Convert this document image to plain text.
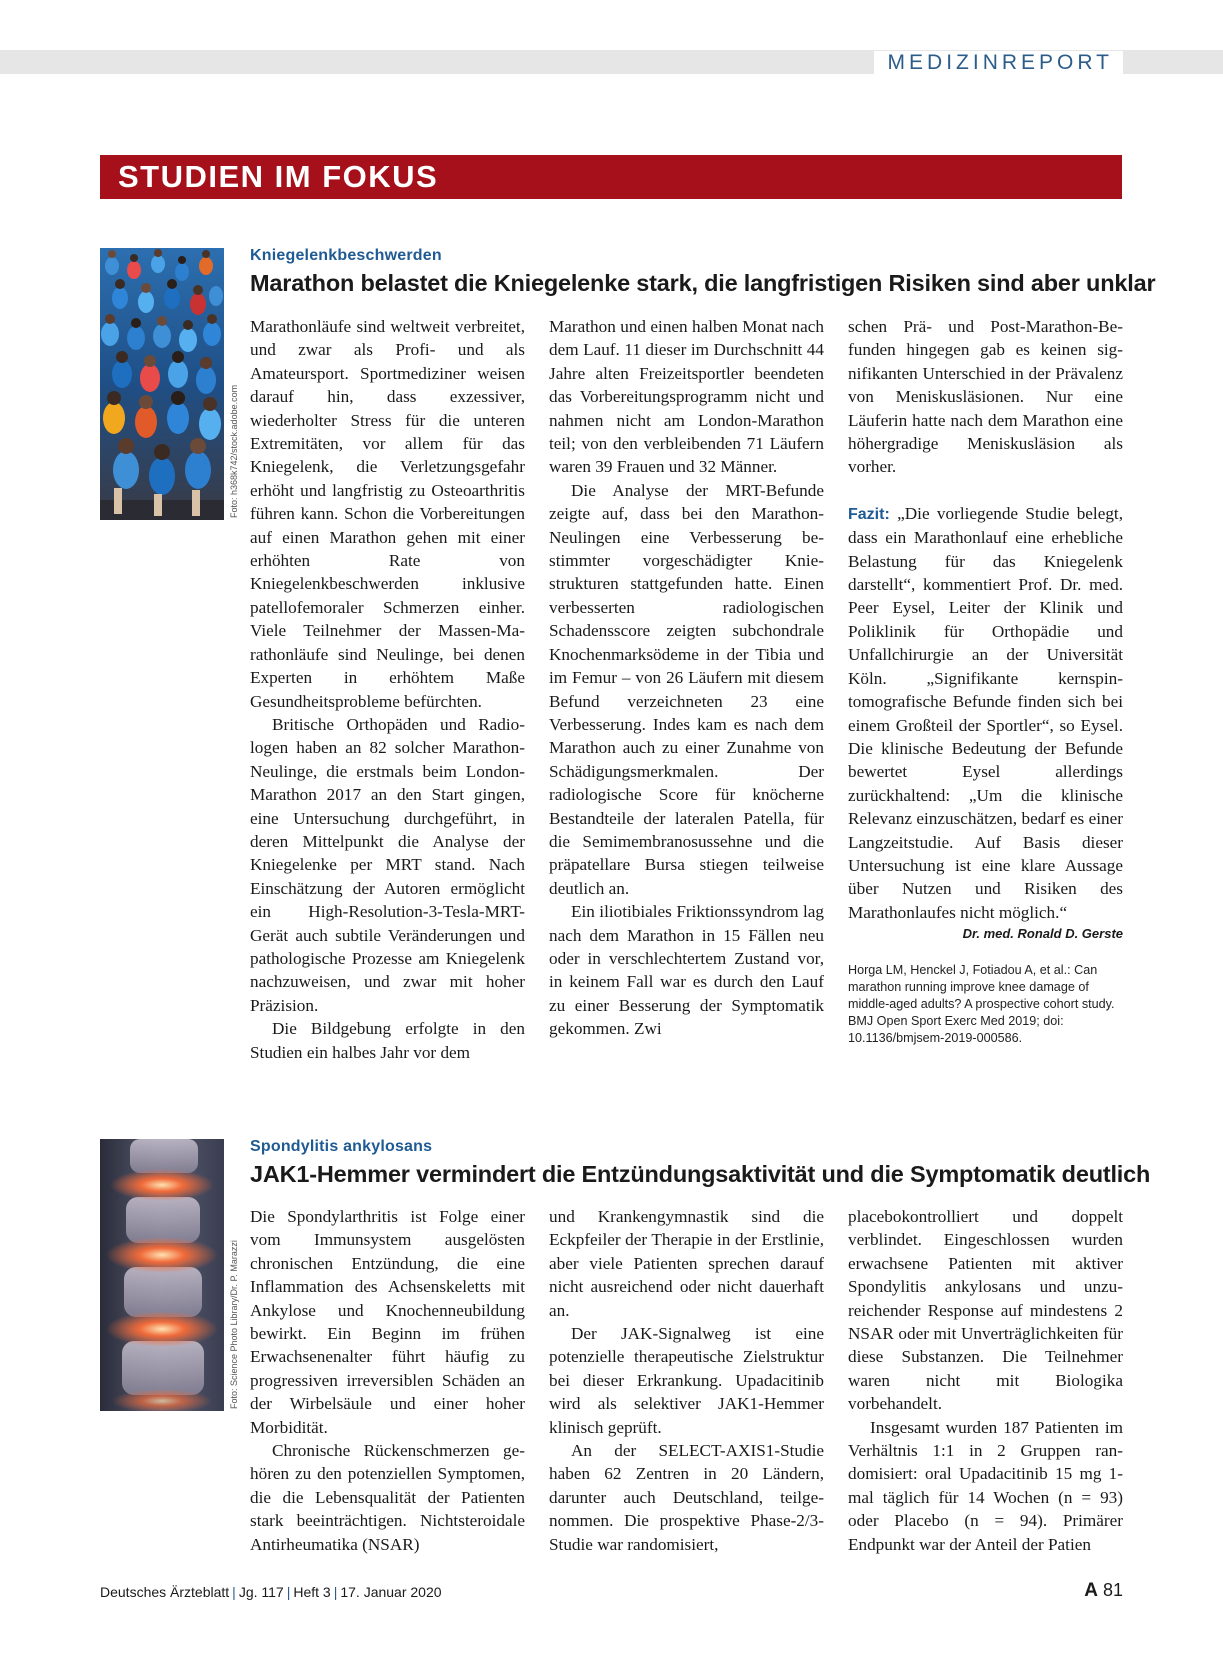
MEDIZINREPORT
STUDIEN IM FOKUS
Foto: h368k742/stock.adobe.com
Kniegelenkbeschwerden
Marathon belastet die Kniegelenke stark, die langfristigen Risiken sind aber unklar

Marathonläufe sind weltweit verbreitet, und zwar als Profi- und als Amateursport. Sportmediziner weisen darauf hin, dass exzessiver, wiederholter Stress für die unteren Extremitäten, vor allem für das Kniegelenk, die Verletzungsgefahr erhöht und langfristig zu Osteoarthritis führen kann. Schon die Vorbereitungen auf einen Marathon gehen mit einer erhöhten Rate von Kniegelenkbeschwerden inklusive patellofemoraler Schmerzen einher. Viele Teilnehmer der Massen-Marathonläufe sind Neulinge, bei denen Experten in erhöhtem Maße Gesundheitsprobleme befürchten.

Britische Orthopäden und Radiologen haben an 82 solcher Marathon-Neulinge, die erstmals beim London-Marathon 2017 an den Start gingen, eine Untersuchung durchgeführt, in deren Mittelpunkt die Analyse der Kniegelenke per MRT stand. Nach Einschätzung der Autoren ermöglicht ein High-Resolution-3-Tesla-MRT-Gerät auch subtile Veränderungen und pathologische Prozesse am Kniegelenk nachzuweisen, und zwar mit hoher Präzision.

Die Bildgebung erfolgte in den Studien ein halbes Jahr vor dem

Marathon und einen halben Monat nach dem Lauf. 11 dieser im Durchschnitt 44 Jahre alten Freizeitsportler beendeten das Vorbereitungsprogramm nicht und nahmen nicht am London-Marathon teil; von den verbleibenden 71 Läufern waren 39 Frauen und 32 Männer.

Die Analyse der MRT-Befunde zeigte auf, dass bei den Marathon-Neulingen eine Verbesserung bestimmter vorgeschädigter Kniestrukturen stattgefunden hatte. Einen verbesserten radiologischen Schadensscore zeigten subchondrale Knochenmarksödeme in der Tibia und im Femur – von 26 Läufern mit diesem Befund verzeichneten 23 eine Verbesserung. Indes kam es nach dem Marathon auch zu einer Zunahme von Schädigungsmerkmalen. Der radiologische Score für knöcherne Bestandteile der lateralen Patella, für die Semimembranosussehne und die präpatellare Bursa stiegen teilweise deutlich an.

Ein iliotibiales Friktionssyndrom lag nach dem Marathon in 15 Fällen neu oder in verschlechtertem Zustand vor, in keinem Fall war es durch den Lauf zu einer Besserung der Symptomatik gekommen. Zwi

schen Prä- und Post-Marathon-Befunden hingegen gab es keinen signifikanten Unterschied in der Prävalenz von Meniskusläsionen. Nur eine Läuferin hatte nach dem Marathon eine höhergradige Meniskusläsion als vorher.

Fazit: „Die vorliegende Studie belegt, dass ein Marathonlauf eine erhebliche Belastung für das Kniegelenk darstellt“, kommentiert Prof. Dr. med. Peer Eysel, Leiter der Klinik und Poliklinik für Orthopädie und Unfallchirurgie an der Universität Köln. „Signifikante kernspintomografische Befunde finden sich bei einem Großteil der Sportler“, so Eysel. Die klinische Bedeutung der Befunde bewertet Eysel allerdings zurückhaltend: „Um die klinische Relevanz einzuschätzen, bedarf es einer Langzeitstudie. Auf Basis dieser Untersuchung ist eine klare Aussage über Nutzen und Risiken des Marathonlaufes nicht möglich.“

Dr. med. Ronald D. Gerste
Horga LM, Henckel J, Fotiadou A, et al.: Can marathon running improve knee damage of middle-aged adults? A prospective cohort study. BMJ Open Sport Exerc Med 2019; doi: 10.1136/bmjsem-2019-000586.
Foto: Science Photo Library/Dr. P. Marazzi
Spondylitis ankylosans
JAK1-Hemmer vermindert die Entzündungsaktivität und die Symptomatik deutlich

Die Spondylarthritis ist Folge einer vom Immunsystem ausgelösten chronischen Entzündung, die eine Inflammation des Achsenskeletts mit Ankylose und Knochenneubildung bewirkt. Ein Beginn im frühen Erwachsenenalter führt häufig zu progressiven irreversiblen Schäden an der Wirbelsäule und einer hoher Morbidität.

Chronische Rückenschmerzen gehören zu den potenziellen Symptomen, die die Lebensqualität der Patienten stark beeinträchtigen. Nichtsteroidale Antirheumatika (NSAR)

und Krankengymnastik sind die Eckpfeiler der Therapie in der Erstlinie, aber viele Patienten sprechen darauf nicht ausreichend oder nicht dauerhaft an.

Der JAK-Signalweg ist eine potenzielle therapeutische Zielstruktur bei dieser Erkrankung. Upadacitinib wird als selektiver JAK1-Hemmer klinisch geprüft.

An der SELECT-AXIS1-Studie haben 62 Zentren in 20 Ländern, darunter auch Deutschland, teilgenommen. Die prospektive Phase-2/3-Studie war randomisiert,

placebokontrolliert und doppelt verblindet. Eingeschlossen wurden erwachsene Patienten mit aktiver Spondylitis ankylosans und unzureichender Response auf mindestens 2 NSAR oder mit Unverträglichkeiten für diese Substanzen. Die Teilnehmer waren nicht mit Biologika vorbehandelt.

Insgesamt wurden 187 Patienten im Verhältnis 1:1 in 2 Gruppen randomisiert: oral Upadacitinib 15 mg 1-mal täglich für 14 Wochen (n = 93) oder Placebo (n = 94). Primärer Endpunkt war der Anteil der Patien

Deutsches Ärzteblatt | Jg. 117 | Heft 3 | 17. Januar 2020	A 81
